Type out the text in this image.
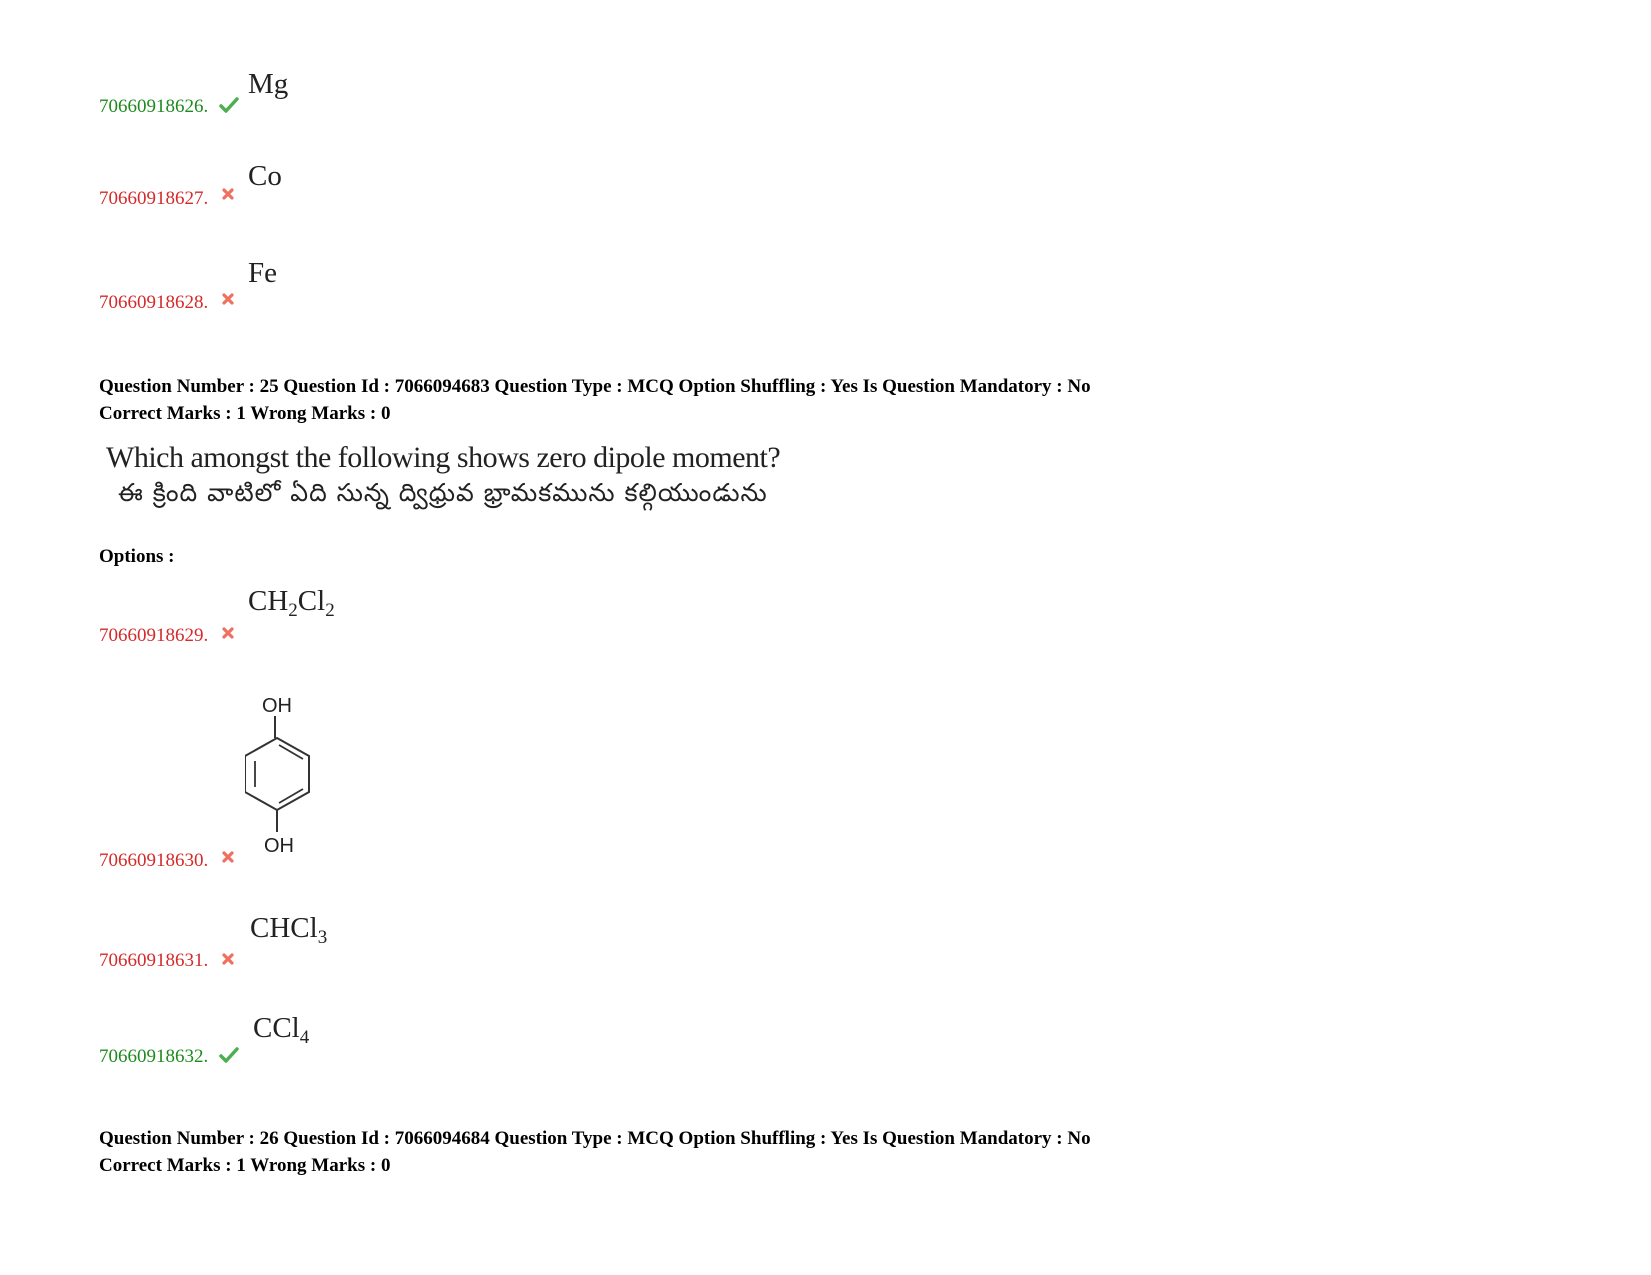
Mg
70660918626.
Co
70660918627.
Fe
70660918628.
Question Number : 25 Question Id : 7066094683 Question Type : MCQ Option Shuffling : Yes Is Question Mandatory : No
Correct Marks : 1 Wrong Marks : 0
Which amongst the following shows zero dipole moment?
ఈ క్రింది వాటిలో ఏది సున్న ద్విధ్రువ భ్రామకమును కల్గియుండును
Options :
$CH_2Cl_2$
70660918629.
OH
OH
70660918630.
CHCl$_3$
70660918631.
CCl$_4$
70660918632.
Question Number : 26 Question Id : 7066094684 Question Type : MCQ Option Shuffling : Yes Is Question Mandatory : No
Correct Marks : 1 Wrong Marks : 0
